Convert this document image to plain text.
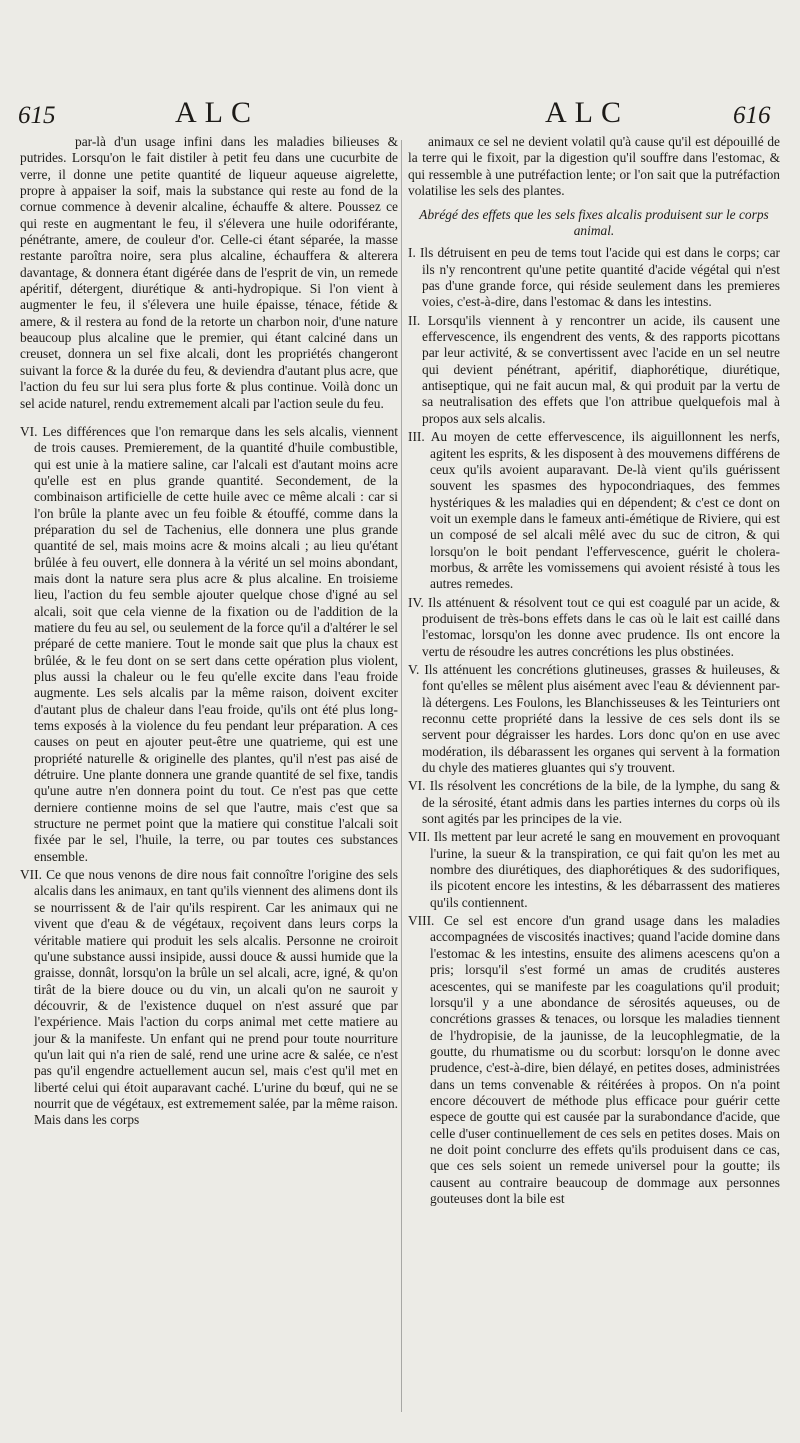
615	ALC	ALC	616

par-là d'un usage infini dans les maladies bilieuses & putrides. Lorsqu'on le fait distiler à petit feu dans une cucurbite de verre, il donne une petite quantité de liqueur aqueuse aigrelette, propre à appaiser la soif, mais la substance qui reste au fond de la cornue commence à devenir alcaline, échauffe & altere. Poussez ce qui reste en augmentant le feu, il s'élevera une huile odoriférante, pénétrante, amere, de couleur d'or. Celle-ci étant séparée, la masse restante paroîtra noire, sera plus alcaline, échauffera & alterera davantage, & donnera étant digérée dans de l'esprit de vin, un remede apéritif, détergent, diurétique & anti-hydropique. Si l'on vient à augmenter le feu, il s'élevera une huile épaisse, ténace, fétide & amere, & il restera au fond de la retorte un charbon noir, d'une nature beaucoup plus alcaline que le premier, qui étant calciné dans un creuset, donnera un sel fixe alcali, dont les propriétés changeront suivant la force & la durée du feu, & deviendra d'autant plus acre, que l'action du feu sur lui sera plus forte & plus continue. Voilà donc un sel acide naturel, rendu extremement alcali par l'action seule du feu.

VI. Les différences que l'on remarque dans les sels alcalis, viennent de trois causes. Premierement, de la quantité d'huile combustible, qui est unie à la matiere saline, car l'alcali est d'autant moins acre qu'elle est en plus grande quantité. Secondement, de la combinaison artificielle de cette huile avec ce même alcali : car si l'on brûle la plante avec un feu foible & étouffé, comme dans la préparation du sel de Tachenius, elle donnera une plus grande quantité de sel, mais moins acre & moins alcali ; au lieu qu'étant brûlée à feu ouvert, elle donnera à la vérité un sel moins abondant, mais dont la nature sera plus acre & plus alcaline. En troisieme lieu, l'action du feu semble ajouter quelque chose d'igné au sel alcali, soit que cela vienne de la fixation ou de l'addition de la matiere du feu au sel, ou seulement de la force qu'il a d'altérer le sel préparé de cette maniere. Tout le monde sait que plus la chaux est brûlée, & le feu dont on se sert dans cette opération plus violent, plus aussi la chaleur ou le feu qu'elle excite dans l'eau froide augmente. Les sels alcalis par la même raison, doivent exciter d'autant plus de chaleur dans l'eau froide, qu'ils ont été plus long-tems exposés à la violence du feu pendant leur préparation. A ces causes on peut en ajouter peut-être une quatrieme, qui est une propriété naturelle & originelle des plantes, qu'il n'est pas aisé de détruire. Une plante donnera une grande quantité de sel fixe, tandis qu'une autre n'en donnera point du tout. Ce n'est pas que cette derniere contienne moins de sel que l'autre, mais c'est que sa structure ne permet point que la matiere qui constitue l'alcali soit fixée par le sel, l'huile, la terre, ou par toutes ces substances ensemble.

VII. Ce que nous venons de dire nous fait connoître l'origine des sels alcalis dans les animaux, en tant qu'ils viennent des alimens dont ils se nourrissent & de l'air qu'ils respirent. Car les animaux qui ne vivent que d'eau & de végétaux, reçoivent dans leurs corps la véritable matiere qui produit les sels alcalis. Personne ne croiroit qu'une substance aussi insipide, aussi douce & aussi humide que la graisse, donnât, lorsqu'on la brûle un sel alcali, acre, igné, & qu'on tirât de la biere douce ou du vin, un alcali qu'on ne sauroit y découvrir, & de l'existence duquel on n'est assuré que par l'expérience. Mais l'action du corps animal met cette matiere au jour & la manifeste. Un enfant qui ne prend pour toute nourriture qu'un lait qui n'a rien de salé, rend une urine acre & salée, ce n'est pas qu'il engendre actuellement aucun sel, mais c'est qu'il met en liberté celui qui étoit auparavant caché. L'urine du bœuf, qui ne se nourrit que de végétaux, est extremement salée, par la même raison. Mais dans les corps

animaux ce sel ne devient volatil qu'à cause qu'il est dépouillé de la terre qui le fixoit, par la digestion qu'il souffre dans l'estomac, & qui ressemble à une putréfaction lente; or l'on sait que la putréfaction volatilise les sels des plantes.

Abrégé des effets que les sels fixes alcalis produisent sur le corps animal.

I. Ils détruisent en peu de tems tout l'acide qui est dans le corps; car ils n'y rencontrent qu'une petite quantité d'acide végétal qui n'est pas d'une grande force, qui réside seulement dans les premieres voies, c'est-à-dire, dans l'estomac & dans les intestins.

II. Lorsqu'ils viennent à y rencontrer un acide, ils causent une effervescence, ils engendrent des vents, & des rapports picottans par leur activité, & se convertissent avec l'acide en un sel neutre qui devient pénétrant, apéritif, diaphorétique, diurétique, antiseptique, qui ne fait aucun mal, & qui produit par la vertu de sa neutralisation des effets que l'on attribue quelquefois mal à propos aux sels alcalis.

III. Au moyen de cette effervescence, ils aiguillonnent les nerfs, agitent les esprits, & les disposent à des mouvemens différens de ceux qu'ils avoient auparavant. De-là vient qu'ils guérissent souvent les spasmes des hypocondriaques, des femmes hystériques & les maladies qui en dépendent; & c'est ce dont on voit un exemple dans le fameux anti-émétique de Riviere, qui est un composé de sel alcali mêlé avec du suc de citron, & qui lorsqu'on le boit pendant l'effervescence, guérit le cholera-morbus, & arrête les vomissemens qui avoient résisté à tous les autres remedes.

IV. Ils atténuent & résolvent tout ce qui est coagulé par un acide, & produisent de très-bons effets dans le cas où le lait est caillé dans l'estomac, lorsqu'on les donne avec prudence. Ils ont encore la vertu de résoudre les autres concrétions les plus obstinées.

V. Ils atténuent les concrétions glutineuses, grasses & huileuses, & font qu'elles se mêlent plus aisément avec l'eau & déviennent par-là détergens. Les Foulons, les Blanchisseuses & les Teinturiers ont reconnu cette propriété dans la lessive de ces sels dont ils se servent pour dégraisser les hardes. Lors donc qu'on en use avec modération, ils débarassent les organes qui servent à la formation du chyle des matieres gluantes qui s'y trouvent.

VI. Ils résolvent les concrétions de la bile, de la lymphe, du sang & de la sérosité, étant admis dans les parties internes du corps où ils sont agités par les principes de la vie.

VII. Ils mettent par leur acreté le sang en mouvement en provoquant l'urine, la sueur & la transpiration, ce qui fait qu'on les met au nombre des diurétiques, des diaphorétiques & des sudorifiques, ils picotent encore les intestins, & les débarrassent des matieres qu'ils contiennent.

VIII. Ce sel est encore d'un grand usage dans les maladies accompagnées de viscosités inactives; quand l'acide domine dans l'estomac & les intestins, ensuite des alimens acescens qu'on a pris; lorsqu'il s'est formé un amas de crudités austeres acescentes, qui se manifeste par les coagulations qu'il produit; lorsqu'il y a une abondance de sérosités aqueuses, ou de concrétions grasses & tenaces, ou lorsque les maladies tiennent de l'hydropisie, de la jaunisse, de la leucophlegmatie, de la goutte, du rhumatisme ou du scorbut: lorsqu'on le donne avec prudence, c'est-à-dire, bien délayé, en petites doses, administrées dans un tems convenable & réitérées à propos. On n'a point encore découvert de méthode plus efficace pour guérir cette espece de goutte qui est causée par la surabondance d'acide, que celle d'user continuellement de ces sels en petites doses. Mais on ne doit point conclurre des effets qu'ils produisent dans ce cas, que ces sels soient un remede universel pour la goutte; ils causent au contraire beaucoup de dommage aux personnes gouteuses dont la bile est
